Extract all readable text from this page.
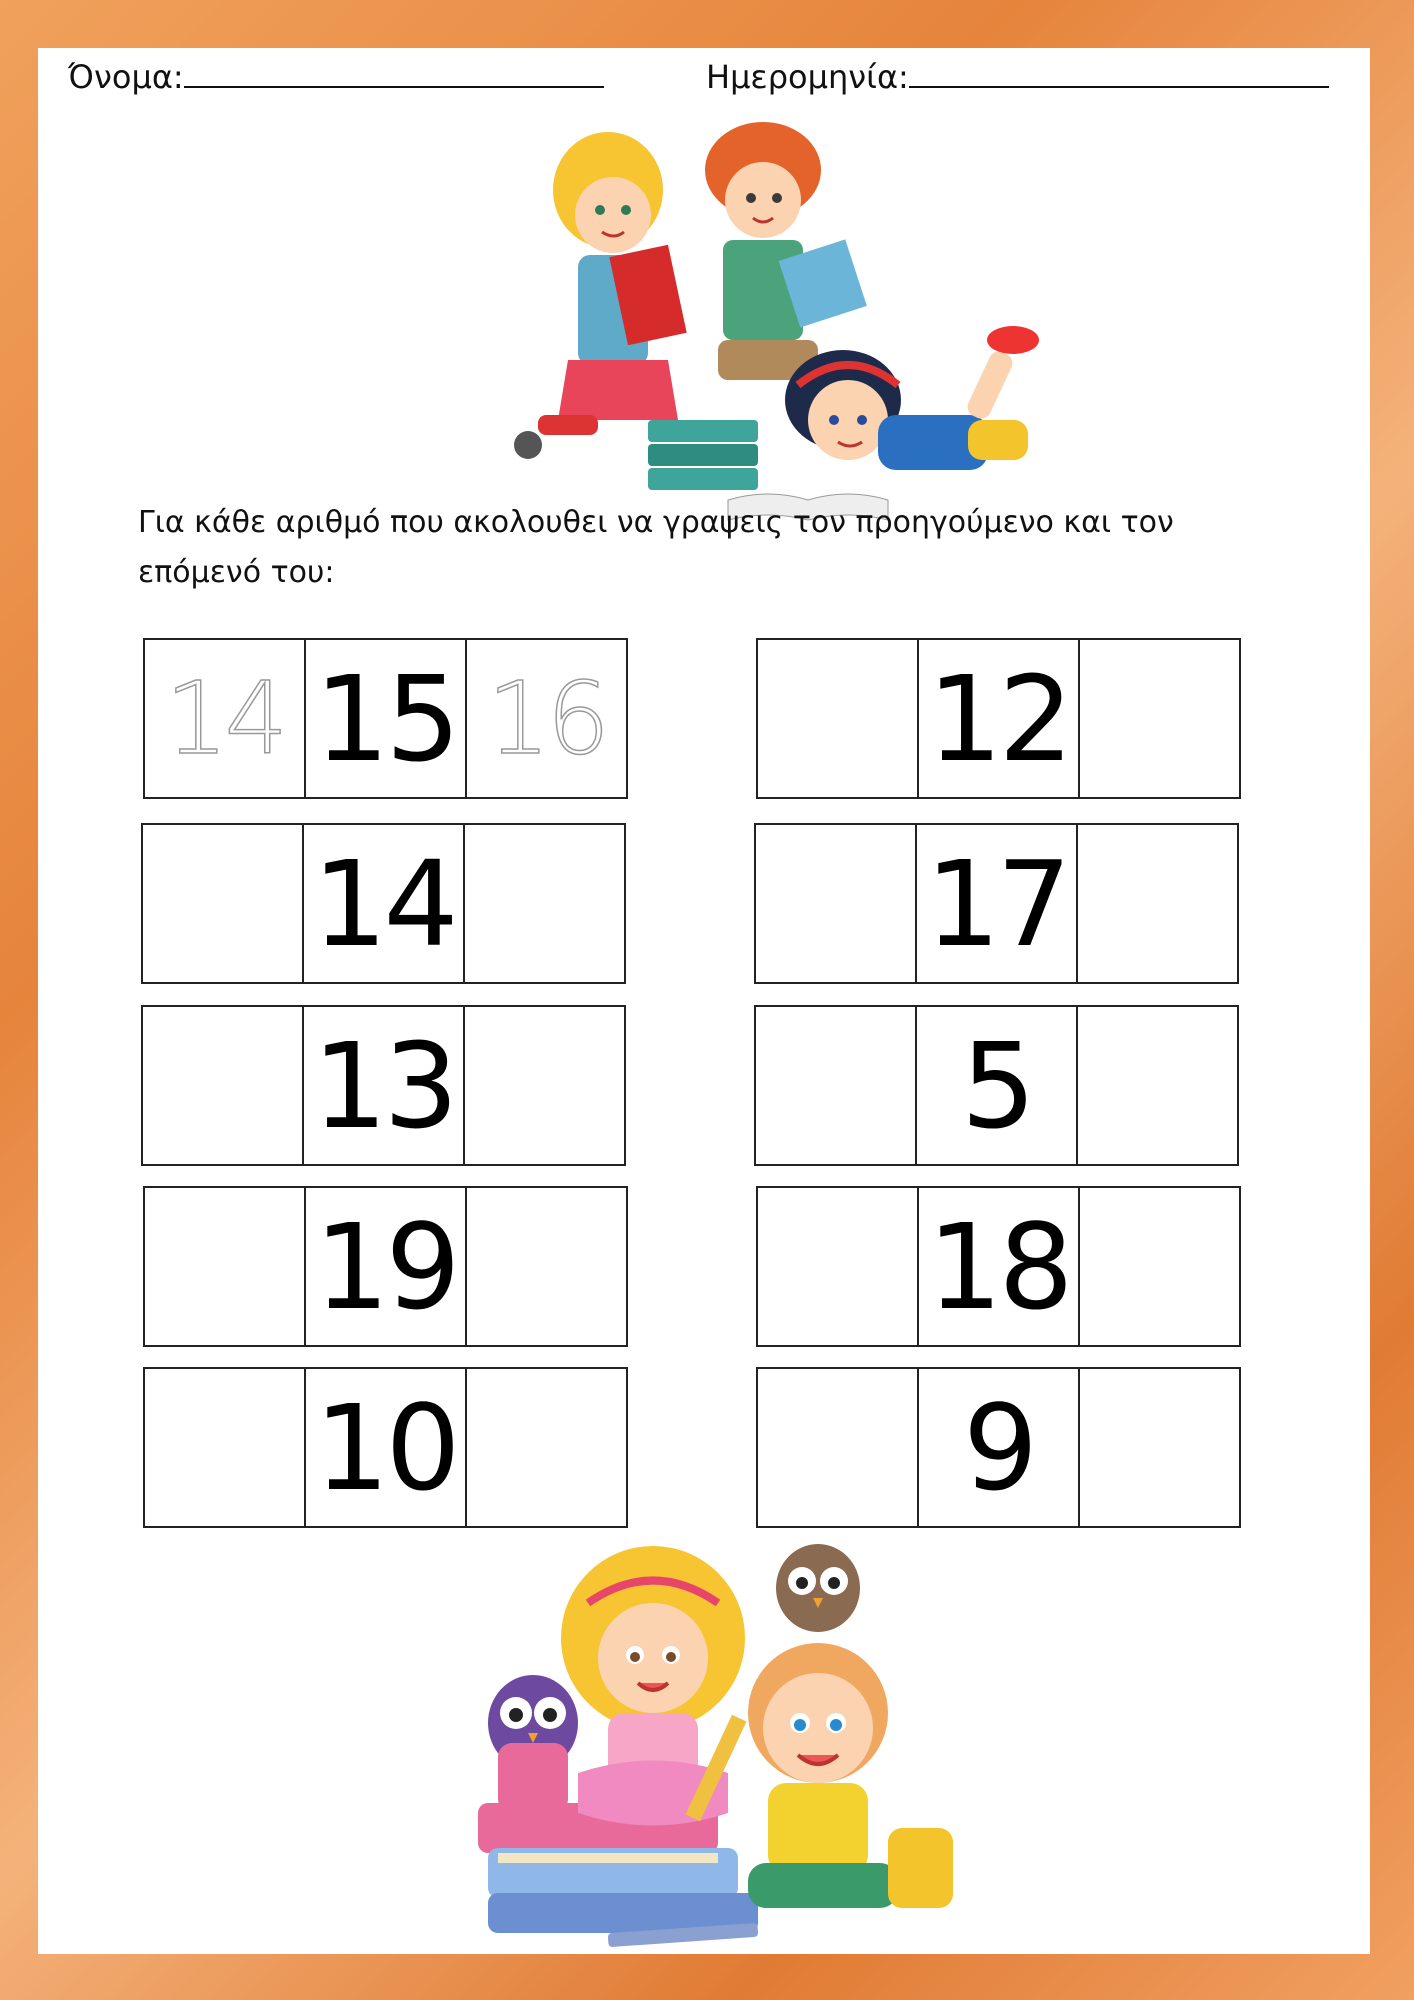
Όνομα:	Ημερομηνία:
Για κάθε αριθμό που ακολουθει να γραψεις τον προηγούμενο και τον επόμενό του:
14 15 16
14
13
19
10
12
17
5
18
9
